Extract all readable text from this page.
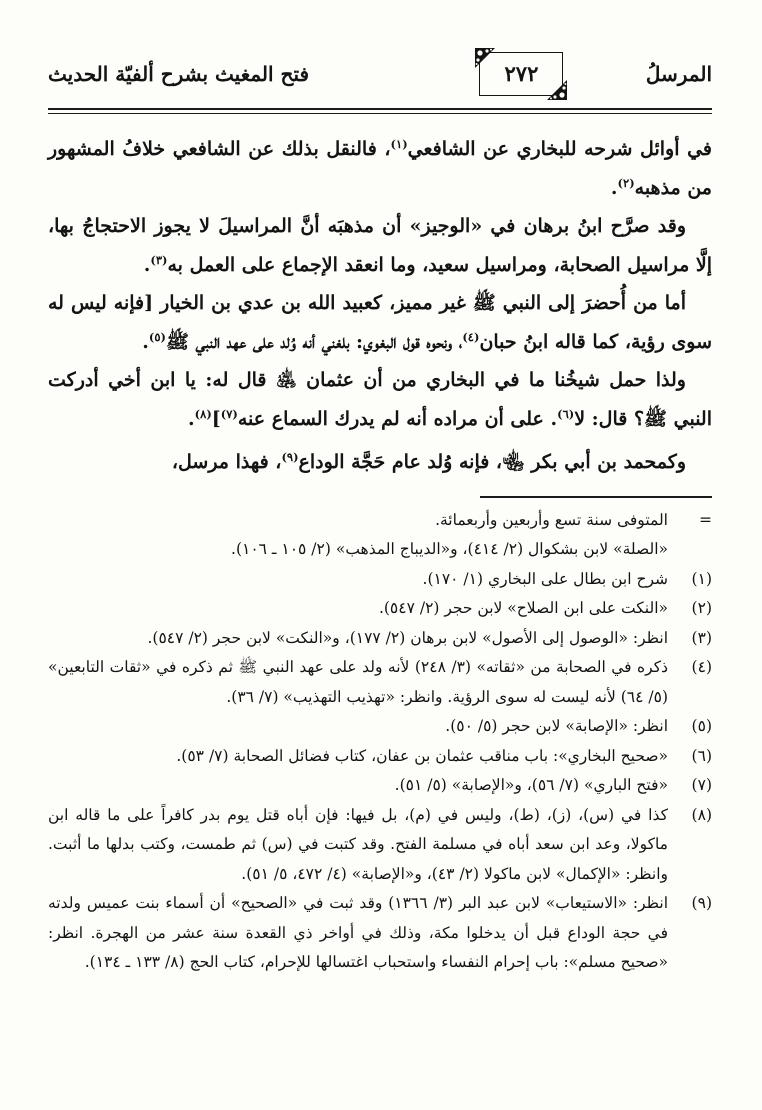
المرسلُ
٢٧٢
فتح المغيث بشرح ألفيّة الحديث

في أوائل شرحه للبخاري عن الشافعي$^{(١)}$، فالنقل بذلك عن الشافعي خلافُ المشهور من مذهبه$^{(٢)}$.

وقد صرَّح ابنُ برهان في «الوجيز» أن مذهبَه أنَّ المراسيلَ لا يجوز الاحتجاجُ بها، إلَّا مراسيل الصحابة، ومراسيل سعيد، وما انعقد الإجماع على العمل به$^{(٣)}$.

أما من أُحضرَ إلى النبي ﷺ غير مميز، كعبيد الله بن عدي بن الخيار [فإنه ليس له سوى رؤية، كما قاله ابنُ حبان$^{(٤)}$، ونحوه قول البغوي: بلغني أنه وُلد على عهد النبي ﷺ$^{(٥)}$.

ولذا حمل شيخُنا ما في البخاري من أن عثمان ﵁ قال له: يا ابن أخي أدركت النبي ﷺ؟ قال: لا$^{(٦)}$. على أن مراده أنه لم يدرك السماع عنه$^{(٧)}$]$^{(٨)}$.

وكمحمد بن أبي بكر ﵄، فإنه وُلد عام حَجَّة الوداع$^{(٩)}$، فهذا مرسل،

=
المتوفى سنة تسع وأربعين وأربعمائة.
«الصلة» لابن بشكوال (٢/ ٤١٤)، و«الديباج المذهب» (٢/ ١٠٥ ـ ١٠٦).
(١)
شرح ابن بطال على البخاري (١/ ١٧٠).
(٢)
«النكت على ابن الصلاح» لابن حجر (٢/ ٥٤٧).
(٣)
انظر: «الوصول إلى الأصول» لابن برهان (٢/ ١٧٧)، و«النكت» لابن حجر (٢/ ٥٤٧).
(٤)
ذكره في الصحابة من «ثقاته» (٣/ ٢٤٨) لأنه ولد على عهد النبي ﷺ ثم ذكره في «ثقات التابعين» (٥/ ٦٤) لأنه ليست له سوى الرؤية. وانظر: «تهذيب التهذيب» (٧/ ٣٦).
(٥)
انظر: «الإصابة» لابن حجر (٥/ ٥٠).
(٦)
«صحيح البخاري»: باب مناقب عثمان بن عفان، كتاب فضائل الصحابة (٧/ ٥٣).
(٧)
«فتح الباري» (٧/ ٥٦)، و«الإصابة» (٥/ ٥١).
(٨)
كذا في (س)، (ز)، (ط)، وليس في (م)، بل فيها: فإن أباه قتل يوم بدر كافراً على ما قاله ابن ماكولا، وعد ابن سعد أباه في مسلمة الفتح. وقد كتبت في (س) ثم طمست، وكتب بدلها ما أثبت. وانظر: «الإكمال» لابن ماكولا (٢/ ٤٣)، و«الإصابة» (٤/ ٤٧٢، ٥/ ٥١).
(٩)
انظر: «الاستيعاب» لابن عبد البر (٣/ ١٣٦٦) وقد ثبت في «الصحيح» أن أسماء بنت عميس ولدته في حجة الوداع قبل أن يدخلوا مكة، وذلك في أواخر ذي القعدة سنة عشر من الهجرة. انظر: «صحيح مسلم»: باب إحرام النفساء واستحباب اغتسالها للإحرام، كتاب الحج (٨/ ١٣٣ ـ ١٣٤).
